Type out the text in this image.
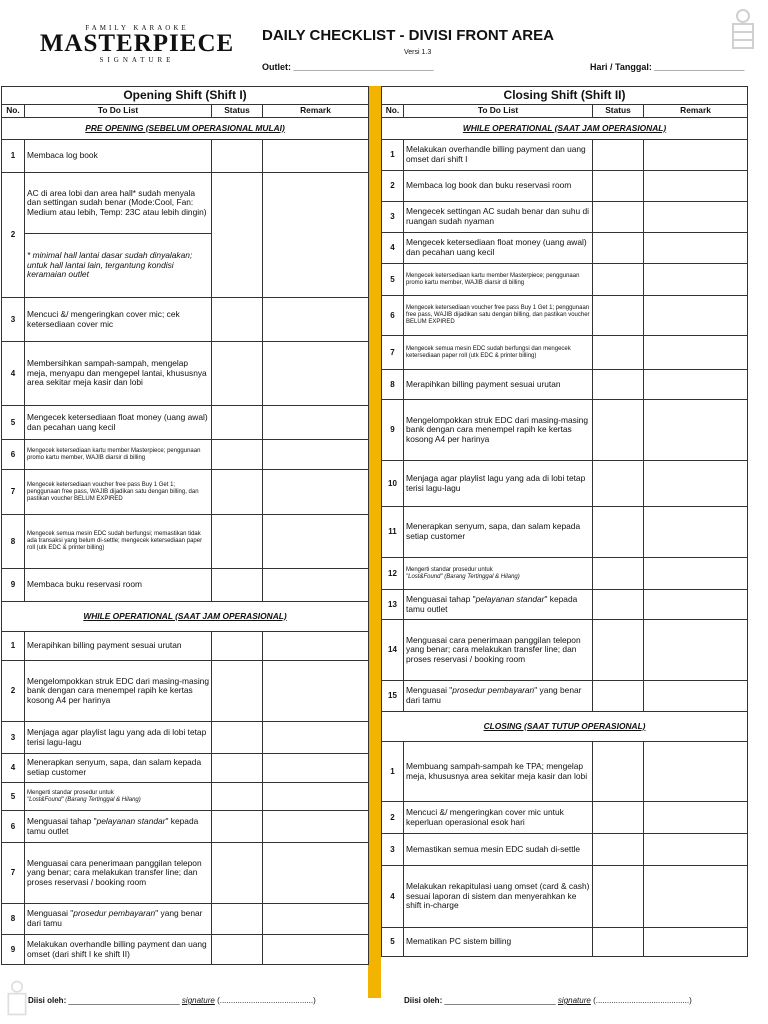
FAMILY KARAOKE
MASTERPIECE
SIGNATURE
DAILY CHECKLIST - DIVISI FRONT AREA
Versi 1.3
Outlet: ____________________________	Hari / Tanggal: __________________
Opening Shift (Shift I)			
No.	To Do List	Status	Remark
PRE OPENING (SEBELUM OPERASIONAL MULAI)			
1	Membaca log book		
2	AC di area lobi dan area hall* sudah menyala dan settingan sudah benar (Mode:Cool, Fan: Medium atau lebih, Temp: 23C atau lebih dingin)		
	* minimal hall lantai dasar sudah dinyalakan; untuk hall lantai lain, tergantung kondisi keramaian outlet		
3	Mencuci &/ mengeringkan cover mic; cek ketersediaan cover mic		
4	Membersihkan sampah-sampah, mengelap meja, menyapu dan mengepel lantai, khususnya area sekitar meja kasir dan lobi		
5	Mengecek ketersediaan float money (uang awal) dan pecahan uang kecil		
6	Mengecek ketersediaan kartu member Masterpiece; penggunaan promo kartu member, WAJIB diarsir di billing		
7	Mengecek ketersediaan voucher free pass Buy 1 Get 1; penggunaan free pass, WAJIB dijadikan satu dengan billing, dan pastikan voucher BELUM EXPIRED		
8	Mengecek semua mesin EDC sudah berfungsi; memastikan tidak ada transaksi yang belum di-settle; mengecek ketersediaan paper roll (utk EDC & printer billing)		
9	Membaca buku reservasi room		
WHILE OPERATIONAL (SAAT JAM OPERASIONAL)			
1	Merapihkan billing payment sesuai urutan		
2	Mengelompokkan struk EDC dari masing-masing bank dengan cara menempel rapih ke kertas kosong A4 per harinya		
3	Menjaga agar playlist lagu yang ada di lobi tetap terisi lagu-lagu		
4	Menerapkan senyum, sapa, dan salam kepada setiap customer		
5	Mengerti standar prosedur untuk
"Lost&Found" (Barang Tertinggal & Hilang)		
6	Menguasai tahap "pelayanan standar" kepada tamu outlet		
7	Menguasai cara penerimaan panggilan telepon yang benar; cara melakukan transfer line; dan proses reservasi / booking room		
8	Menguasai "prosedur pembayaran" yang benar dari tamu		
9	Melakukan overhandle billing payment dan uang omset (dari shift I ke shift II)		
Closing Shift (Shift II)			
No.	To Do List	Status	Remark
WHILE OPERATIONAL (SAAT JAM OPERASIONAL)			
1	Melakukan overhandle billing payment dan uang omset dari shift I		
2	Membaca log book dan buku reservasi room		
3	Mengecek settingan AC sudah benar dan suhu di ruangan sudah nyaman		
4	Mengecek ketersediaan float money (uang awal) dan pecahan uang kecil		
5	Mengecek ketersediaan kartu member Masterpiece; penggunaan promo kartu member, WAJIB diarsir di billing		
6	Mengecek ketersediaan voucher free pass Buy 1 Get 1; penggunaan free pass, WAJIB dijadikan satu dengan billing, dan pastikan voucher BELUM EXPIRED		
7	Mengecek semua mesin EDC sudah berfungsi dan mengecek ketersediaan paper roll (utk EDC & printer billing)		
8	Merapihkan billing payment sesuai urutan		
9	Mengelompokkan struk EDC dari masing-masing bank dengan cara menempel rapih ke kertas kosong A4 per harinya		
10	Menjaga agar playlist lagu yang ada di lobi tetap terisi lagu-lagu		
11	Menerapkan senyum, sapa, dan salam kepada setiap customer		
12	Mengerti standar prosedur untuk
"Lost&Found" (Barang Tertinggal & Hilang)		
13	Menguasai tahap "pelayanan standar" kepada tamu outlet		
14	Menguasai cara penerimaan panggilan telepon yang benar; cara melakukan transfer line; dan proses reservasi / booking room		
15	Menguasai "prosedur pembayaran" yang benar dari tamu		
CLOSING (SAAT TUTUP OPERASIONAL)			
1	Membuang sampah-sampah ke TPA; mengelap meja, khususnya area sekitar meja kasir dan lobi		
2	Mencuci &/ mengeringkan cover mic untuk keperluan operasional esok hari		
3	Memastikan semua mesin EDC sudah di-settle		
4	Melakukan rekapitulasi uang omset (card & cash) sesuai laporan di sistem dan menyerahkan ke shift in-charge		
5	Mematikan PC sistem billing		
Diisi oleh: _________________________ signature (..........................................)	Diisi oleh: _________________________ signature (..........................................)
